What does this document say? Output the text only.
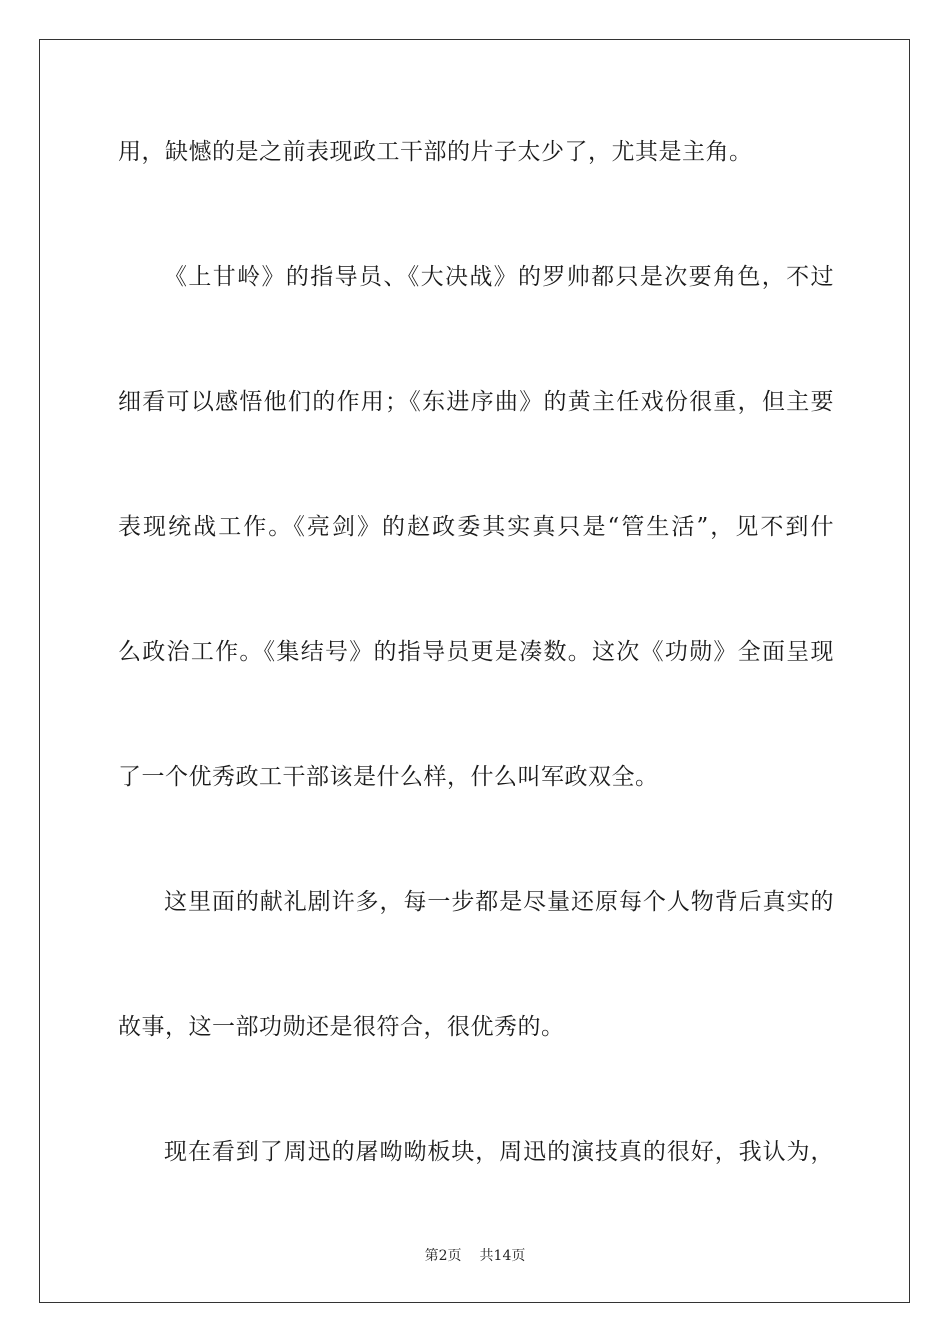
用，缺憾的是之前表现政工干部的片子太少了，尤其是主角。
《上甘岭》的指导员、《大决战》的罗帅都只是次要角色，不过
细看可以感悟他们的作用；《东进序曲》的黄主任戏份很重，但主要
表现统战工作。《亮剑》的赵政委其实真只是“管生活”，见不到什
么政治工作。《集结号》的指导员更是凑数。这次《功勋》全面呈现
了一个优秀政工干部该是什么样，什么叫军政双全。
这里面的献礼剧许多，每一步都是尽量还原每个人物背后真实的
故事，这一部功勋还是很符合，很优秀的。
现在看到了周迅的屠呦呦板块，周迅的演技真的很好，我认为，
第2页 共14页
